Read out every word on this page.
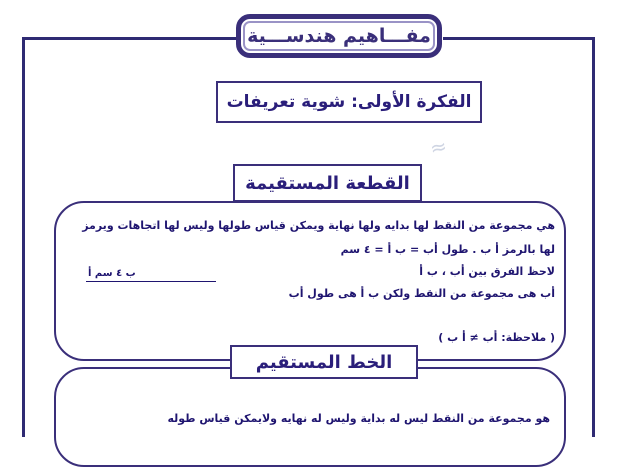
مفـــاهيم هندســـية
الفكرة الأولى: شوية تعريفات
≈
القطعة المستقيمة
هي مجموعة من النقط لها بدايه ولها نهاية ويمكن قياس طولها وليس لها اتجاهات ويرمز
لها بالرمز أ ب . طول أب = ب أ = ٤ سم
لاحظ الفرق بين أب ، ب أ
أب هى مجموعة من النقط ولكن ب أ هى طول أب
ب ٤ سم أ
( ملاحظة: أب ≠ أ ب )
الخط المستقيم
هو مجموعة من النقط ليس له بداية وليس له نهايه ولايمكن قياس طوله
